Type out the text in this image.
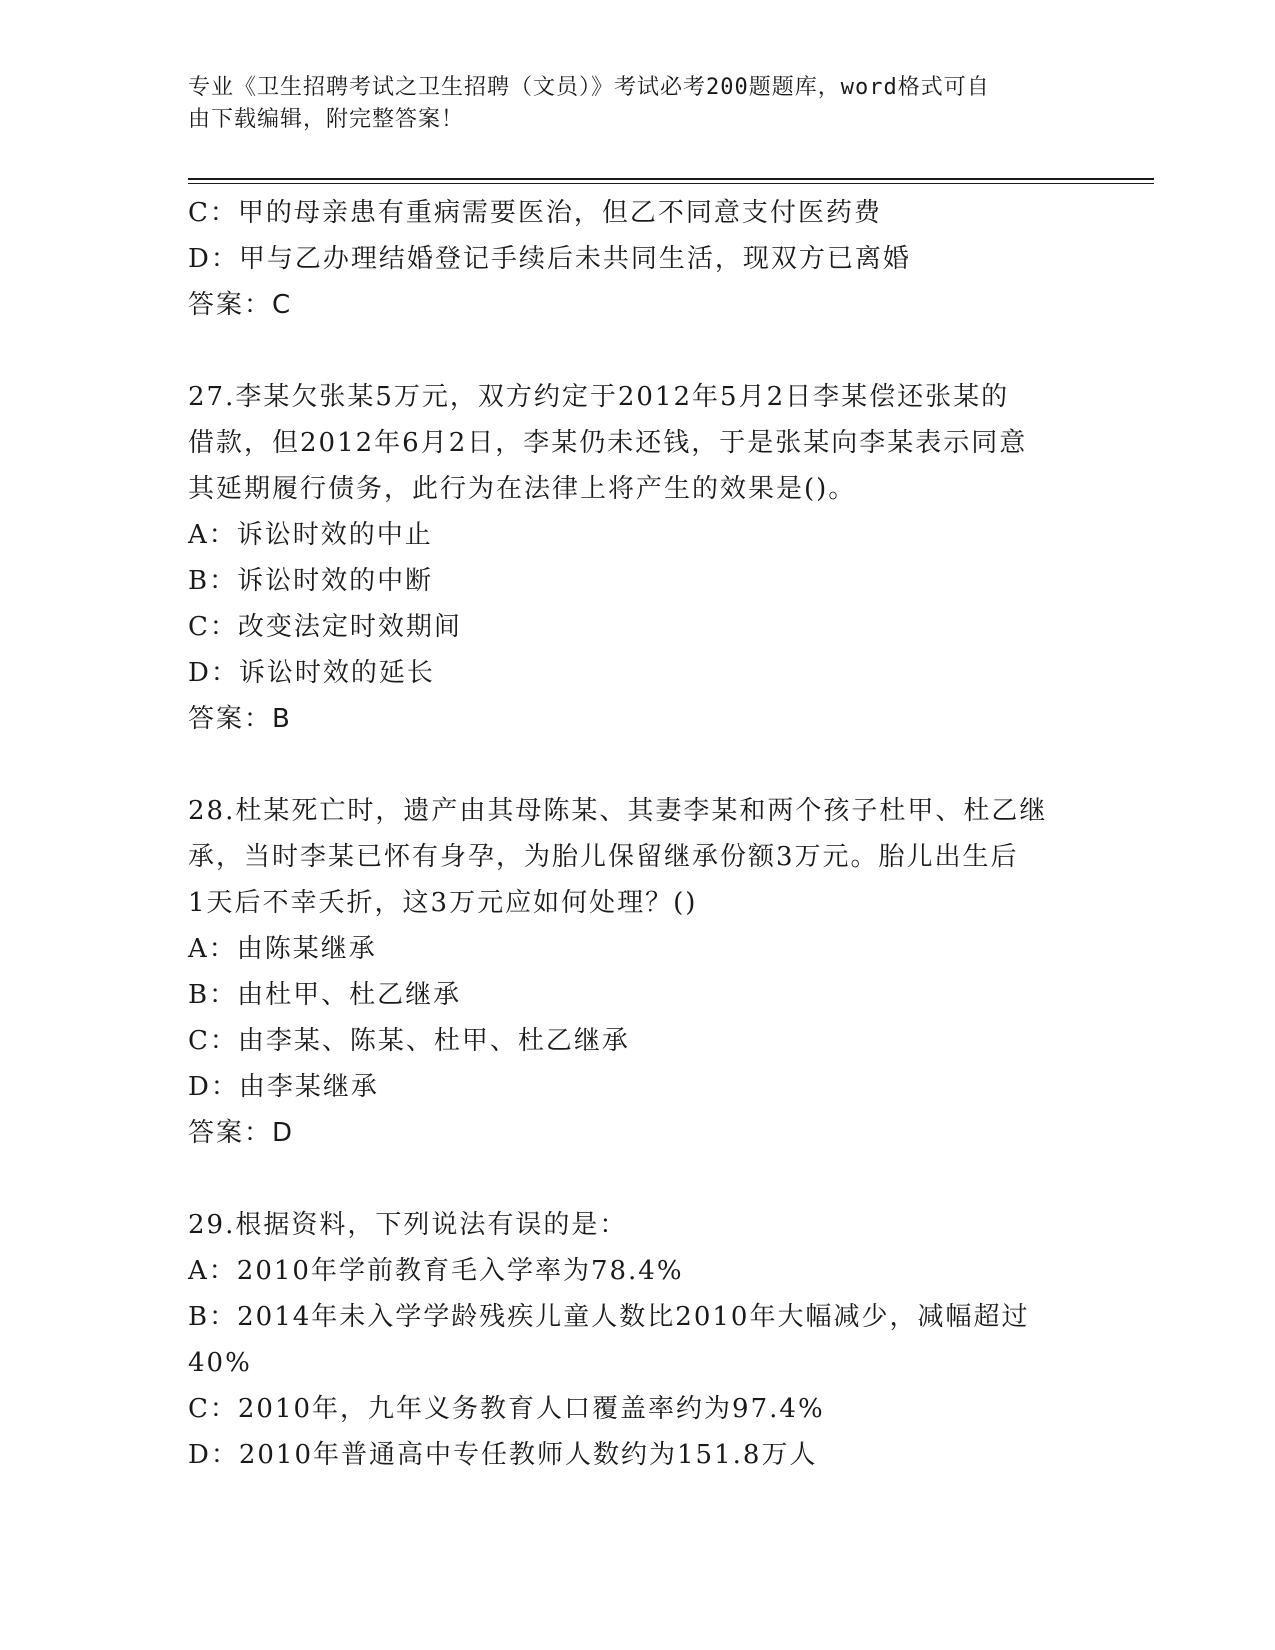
专业《卫生招聘考试之卫生招聘（文员）》考试必考200题题库，word格式可自
由下载编辑，附完整答案！
C：甲的母亲患有重病需要医治，但乙不同意支付医药费
D：甲与乙办理结婚登记手续后未共同生活，现双方已离婚
答案：C
27.李某欠张某5万元，双方约定于2012年5月2日李某偿还张某的
借款，但2012年6月2日，李某仍未还钱，于是张某向李某表示同意
其延期履行债务，此行为在法律上将产生的效果是()。
A：诉讼时效的中止
B：诉讼时效的中断
C：改变法定时效期间
D：诉讼时效的延长
答案：B
28.杜某死亡时，遗产由其母陈某、其妻李某和两个孩子杜甲、杜乙继
承，当时李某已怀有身孕，为胎儿保留继承份额3万元。胎儿出生后
1天后不幸夭折，这3万元应如何处理？()
A：由陈某继承
B：由杜甲、杜乙继承
C：由李某、陈某、杜甲、杜乙继承
D：由李某继承
答案：D
29.根据资料，下列说法有误的是：
A：2010年学前教育毛入学率为78.4%
B：2014年未入学学龄残疾儿童人数比2010年大幅减少，减幅超过
40%
C：2010年，九年义务教育人口覆盖率约为97.4%
D：2010年普通高中专任教师人数约为151.8万人
